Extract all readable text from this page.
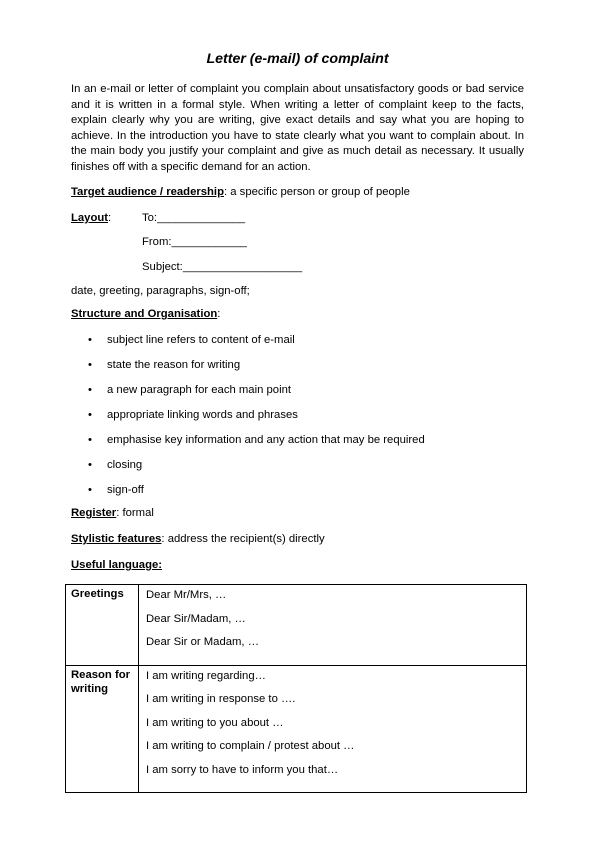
Letter (e-mail) of complaint

In an e-mail or letter of complaint you complain about unsatisfactory goods or bad service and it is written in a formal style. When writing a letter of complaint keep to the facts, explain clearly why you are writing, give exact details and say what you are hoping to achieve. In the introduction you have to state clearly what you want to complain about. In the main body you justify your complaint and give as much detail as necessary. It usually finishes off with a specific demand for an action.

Target audience / readership: a specific person or group of people
Layout:	To:______________
From:____________
Subject:___________________
date, greeting, paragraphs, sign-off;
Structure and Organisation:
• subject line refers to content of e-mail
• state the reason for writing
• a new paragraph for each main point
• appropriate linking words and phrases
• emphasise key information and any action that may be required
• closing
• sign-off
Register: formal
Stylistic features: address the recipient(s) directly
Useful language:
Greetings	Dear Mr/Mrs, …
Dear Sir/Madam, …
Dear Sir or Madam, …

Reason for writing	I am writing regarding…
I am writing in response to ….
I am writing to you about …
I am writing to complain / protest about …
I am sorry to have to inform you that…
